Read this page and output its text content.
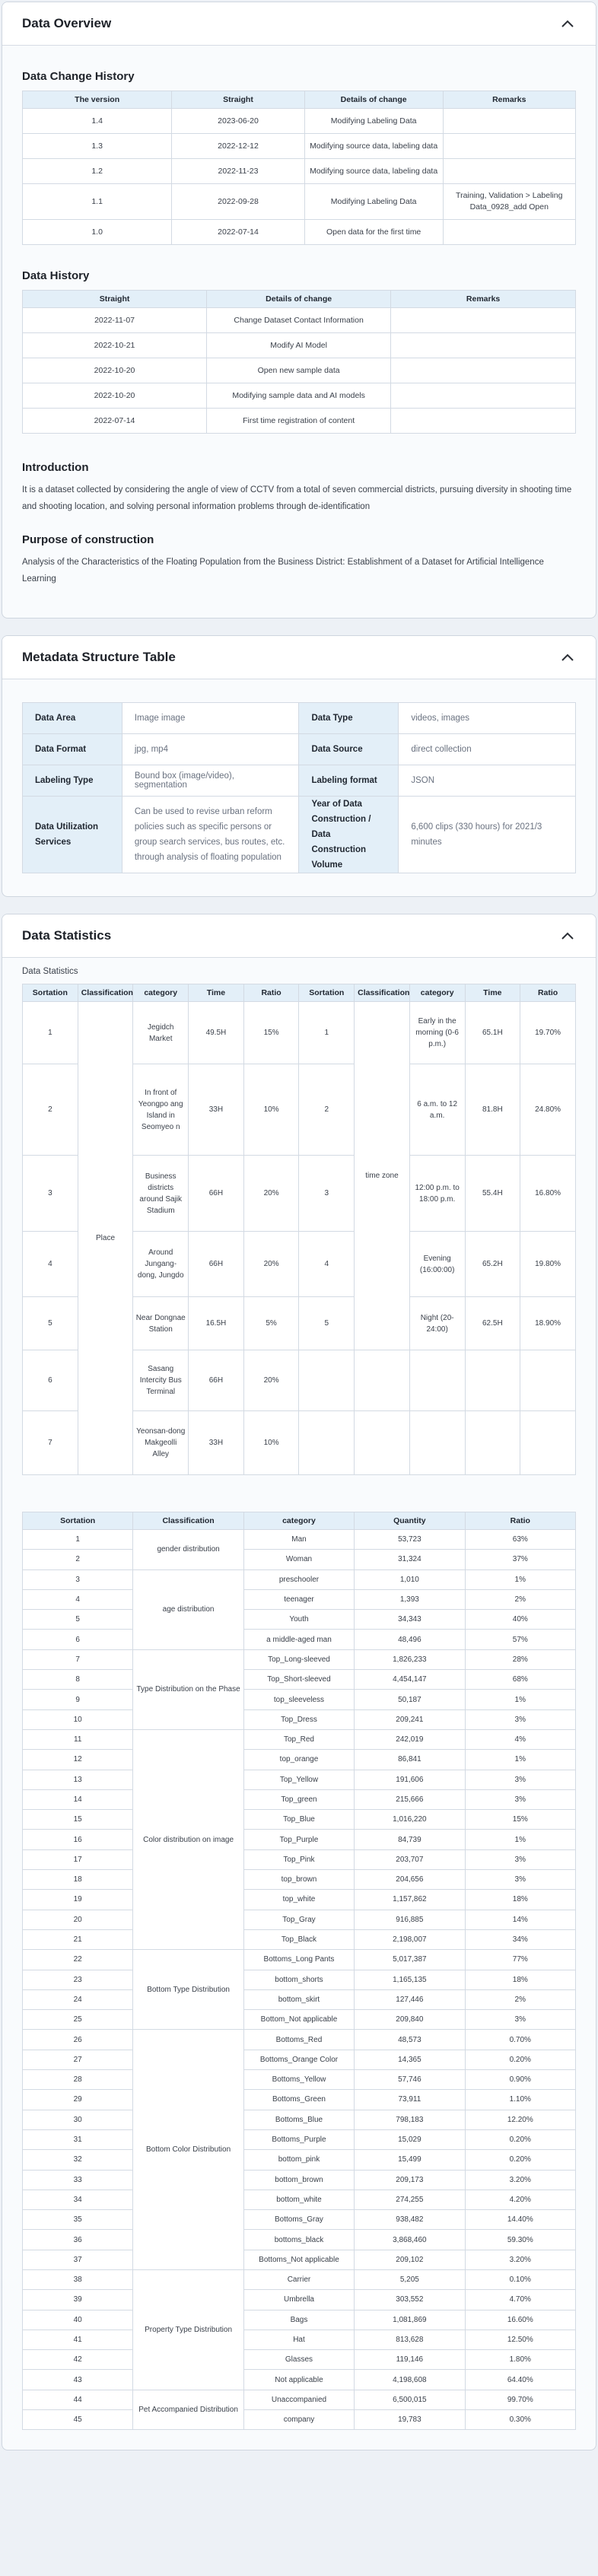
Data Overview
Data Change History
The version	Straight	Details of change	Remarks
1.4	2023-06-20	Modifying Labeling Data	
1.3	2022-12-12	Modifying source data, labeling data	
1.2	2022-11-23	Modifying source data, labeling data	
1.1	2022-09-28	Modifying Labeling Data	Training, Validation > Labeling Data_0928_add Open
1.0	2022-07-14	Open data for the first time	
Data History
Straight	Details of change	Remarks
2022-11-07	Change Dataset Contact Information	
2022-10-21	Modify AI Model	
2022-10-20	Open new sample data	
2022-10-20	Modifying sample data and AI models	
2022-07-14	First time registration of content	
Introduction

It is a dataset collected by considering the angle of view of CCTV from a total of seven commercial districts, pursuing diversity in shooting time and shooting location, and solving personal information problems through de-identification

Purpose of construction

Analysis of the Characteristics of the Floating Population from the Business District: Establishment of a Dataset for Artificial Intelligence Learning

Metadata Structure Table
Data Area	Image image	Data Type	videos, images
Data Format	jpg, mp4	Data Source	direct collection
Labeling Type	Bound box (image/video), segmentation	Labeling format	JSON
Data Utilization Services	Can be used to revise urban reform policies such as specific persons or group search services, bus routes, etc. through analysis of floating population	Year of Data Construction / Data Construction Volume	6,600 clips (330 hours) for 2021/3 minutes
Data Statistics
Data Statistics
Sortation	Classification	category	Time	Ratio	Sortation	Classification	category	Time	Ratio
1	Place	Jegidch Market	49.5H	15%	1	time zone	Early in the morning (0-6 p.m.)	65.1H	19.70%
2		In front of Yeongpo ang Island in Seomyeo n	33H	10%	2		6 a.m. to 12 a.m.	81.8H	24.80%
3		Business districts around Sajik Stadium	66H	20%	3		12:00 p.m. to 18:00 p.m.	55.4H	16.80%
4		Around Jungang-dong, Jungdo	66H	20%	4		Evening (16:00:00)	65.2H	19.80%
5		Near Dongnae Station	16.5H	5%	5		Night (20-24:00)	62.5H	18.90%
6		Sasang Intercity Bus Terminal	66H	20%					
7		Yeonsan-dong Makgeolli Alley	33H	10%					
Sortation	Classification	category	Quantity	Ratio
1	gender distribution	Man	53,723	63%
2		Woman	31,324	37%
3	age distribution	preschooler	1,010	1%
4		teenager	1,393	2%
5		Youth	34,343	40%
6		a middle-aged man	48,496	57%
7	Type Distribution on the Phase	Top_Long-sleeved	1,826,233	28%
8		Top_Short-sleeved	4,454,147	68%
9		top_sleeveless	50,187	1%
10		Top_Dress	209,241	3%
11	Color distribution on image	Top_Red	242,019	4%
12		top_orange	86,841	1%
13		Top_Yellow	191,606	3%
14		Top_green	215,666	3%
15		Top_Blue	1,016,220	15%
16		Top_Purple	84,739	1%
17		Top_Pink	203,707	3%
18		top_brown	204,656	3%
19		top_white	1,157,862	18%
20		Top_Gray	916,885	14%
21		Top_Black	2,198,007	34%
22	Bottom Type Distribution	Bottoms_Long Pants	5,017,387	77%
23		bottom_shorts	1,165,135	18%
24		bottom_skirt	127,446	2%
25		Bottom_Not applicable	209,840	3%
26	Bottom Color Distribution	Bottoms_Red	48,573	0.70%
27		Bottoms_Orange Color	14,365	0.20%
28		Bottoms_Yellow	57,746	0.90%
29		Bottoms_Green	73,911	1.10%
30		Bottoms_Blue	798,183	12.20%
31		Bottoms_Purple	15,029	0.20%
32		bottom_pink	15,499	0.20%
33		bottom_brown	209,173	3.20%
34		bottom_white	274,255	4.20%
35		Bottoms_Gray	938,482	14.40%
36		bottoms_black	3,868,460	59.30%
37		Bottoms_Not applicable	209,102	3.20%
38	Property Type Distribution	Carrier	5,205	0.10%
39		Umbrella	303,552	4.70%
40		Bags	1,081,869	16.60%
41		Hat	813,628	12.50%
42		Glasses	119,146	1.80%
43		Not applicable	4,198,608	64.40%
44	Pet Accompanied Distribution	Unaccompanied	6,500,015	99.70%
45		company	19,783	0.30%
